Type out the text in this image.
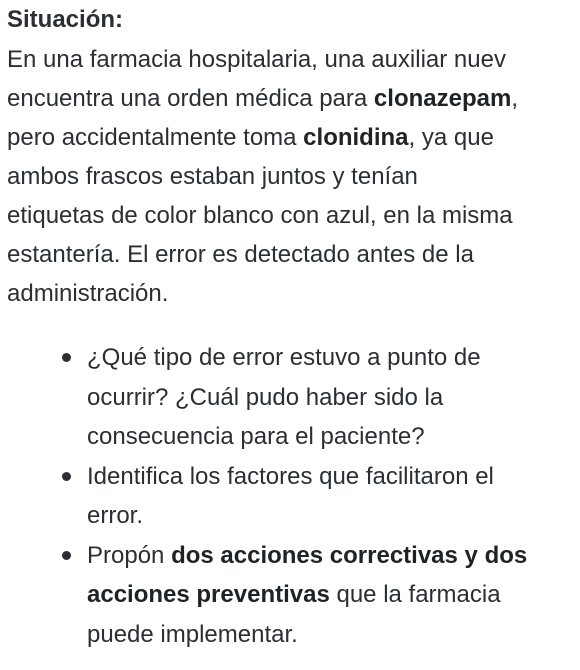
Situación:
En una farmacia hospitalaria, una auxiliar nuev
encuentra una orden médica para clonazepam,
pero accidentalmente toma clonidina, ya que
ambos frascos estaban juntos y tenían
etiquetas de color blanco con azul, en la misma
estantería. El error es detectado antes de la
administración.
¿Qué tipo de error estuvo a punto de
ocurrir? ¿Cuál pudo haber sido la
consecuencia para el paciente?
Identifica los factores que facilitaron el
error.
Propón dos acciones correctivas y dos
acciones preventivas que la farmacia
puede implementar.
